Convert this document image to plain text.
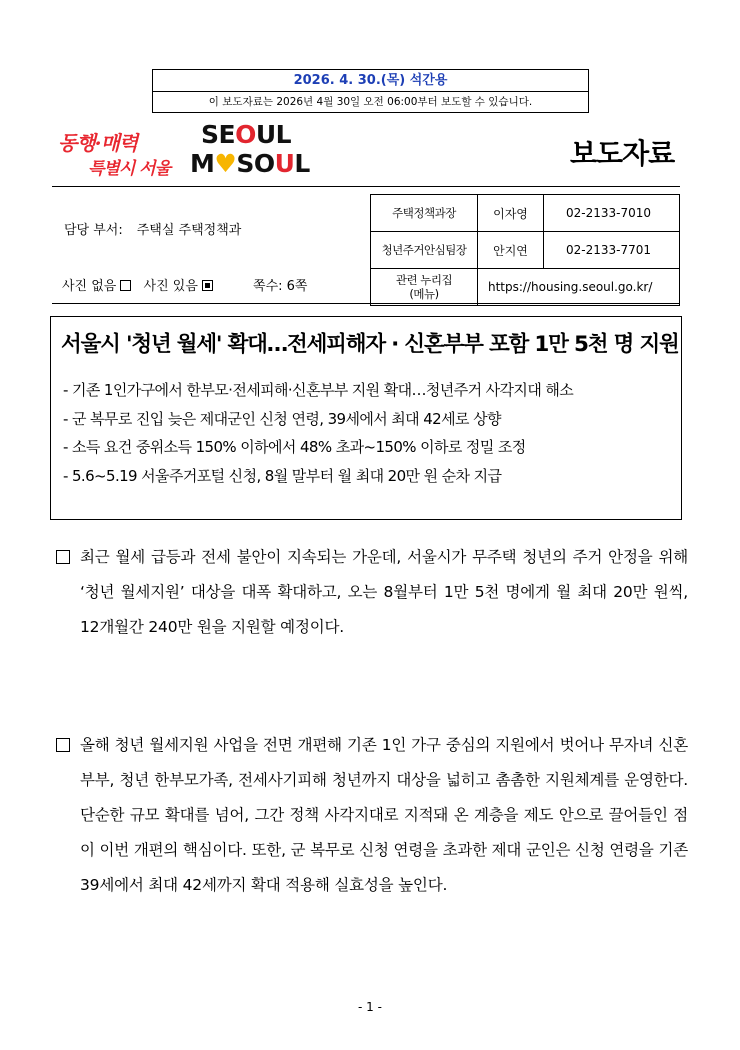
2026. 4. 30.(목) 석간용
이 보도자료는 2026년 4월 30일 오전 06:00부터 보도할 수 있습니다.
동행·매력
특별시 서울
SEOUL
M♥SOUL	보도자료
담당 부서: 주택실 주택정책과
사진 없음 사진 있음	쪽수: 6쪽
주택정책과장	이자영	02-2133-7010
청년주거안심팀장	안지연	02-2133-7701
관련 누리집
(메뉴)	https://housing.seoul.go.kr/	
서울시 '청년 월세' 확대…전세피해자 · 신혼부부 포함 1만 5천 명 지원
- 기존 1인가구에서 한부모·전세피해·신혼부부 지원 확대…청년주거 사각지대 해소
- 군 복무로 진입 늦은 제대군인 신청 연령, 39세에서 최대 42세로 상향
- 소득 요건 중위소득 150% 이하에서 48% 초과~150% 이하로 정밀 조정
- 5.6~5.19 서울주거포털 신청, 8월 말부터 월 최대 20만 원 순차 지급

최근 월세 급등과 전세 불안이 지속되는 가운데, 서울시가 무주택 청년의 주거 안정을 위해 ‘청년 월세지원’ 대상을 대폭 확대하고, 오는 8월부터 1만 5천 명에게 월 최대 20만 원씩, 12개월간 240만 원을 지원할 예정이다.

올해 청년 월세지원 사업을 전면 개편해 기존 1인 가구 중심의 지원에서 벗어나 무자녀 신혼부부, 청년 한부모가족, 전세사기피해 청년까지 대상을 넓히고 촘촘한 지원체계를 운영한다. 단순한 규모 확대를 넘어, 그간 정책 사각지대로 지적돼 온 계층을 제도 안으로 끌어들인 점이 이번 개편의 핵심이다. 또한, 군 복무로 신청 연령을 초과한 제대 군인은 신청 연령을 기존 39세에서 최대 42세까지 확대 적용해 실효성을 높인다.

- 1 -
